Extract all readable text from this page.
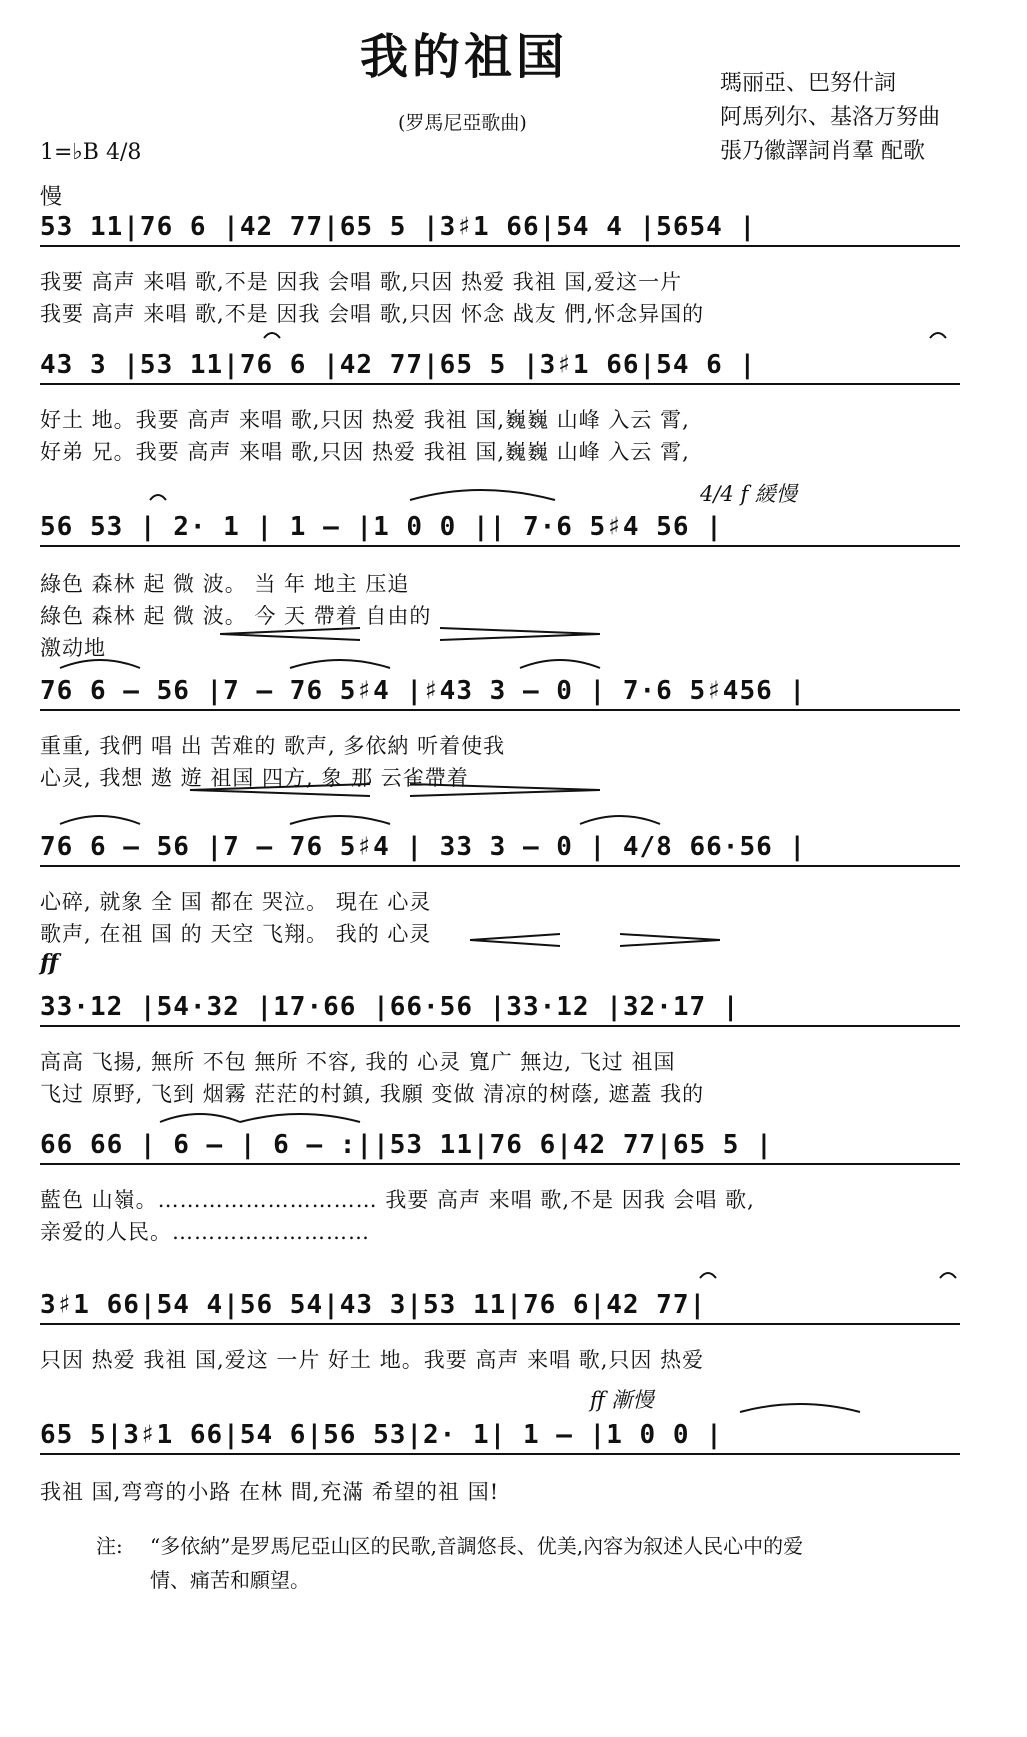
我的祖国
(罗馬尼亞歌曲)
瑪丽亞、巴努什詞
阿馬列尔、基洛万努曲
張乃徽譯詞肖羣 配歌
1=♭B 4/8
慢
53 11|76 6 |42 77|65 5 |3♯1 66|54 4 |5654 |
我要 高声 来唱 歌,不是 因我 会唱 歌,只因 热爱 我祖 国,爱这一片
我要 高声 来唱 歌,不是 因我 会唱 歌,只因 怀念 战友 們,怀念异国的
43 3 |53 11|76 6 |42 77|65 5 |3♯1 66|54 6 |
好土 地。我要 高声 来唱 歌,只因 热爱 我祖 国,巍巍 山峰 入云 霄,
好弟 兄。我要 高声 来唱 歌,只因 热爱 我祖 国,巍巍 山峰 入云 霄,
4/4 f 緩慢
56 53 | 2· 1 | 1 — |1 0 0 || 7·6 5♯4 56 |
綠色 森林 起 微 波。 当 年 地主 压追
綠色 森林 起 微 波。 今 天 帶着 自由的
激动地
76 6 — 56 |7 — 76 5♯4 |♯43 3 — 0 | 7·6 5♯456 |
重重, 我們 唱 出 苦难的 歌声, 多依納 听着使我
心灵, 我想 遨 遊 祖国 四方, 象 那 云雀帶着
76 6 — 56 |7 — 76 5♯4 | 33 3 — 0 | 4/8 66·56 |
心碎, 就象 全 国 都在 哭泣。 現在 心灵
歌声, 在祖 国 的 天空 飞翔。 我的 心灵
ff
33·12 |54·32 |17·66 |66·56 |33·12 |32·17 |
高高 飞揚, 無所 不包 無所 不容, 我的 心灵 寬广 無边, 飞过 祖国
飞过 原野, 飞到 烟霧 茫茫的村鎮, 我願 变做 清凉的树蔭, 遮蓋 我的
66 66 | 6 — | 6 — :||53 11|76 6|42 77|65 5 |
藍色 山嶺。………………………… 我要 高声 来唱 歌,不是 因我 会唱 歌,
亲爱的人民。………………………
3♯1 66|54 4|56 54|43 3|53 11|76 6|42 77|
只因 热爱 我祖 国,爱这 一片 好土 地。我要 高声 来唱 歌,只因 热爱
ff 漸慢
65 5|3♯1 66|54 6|56 53|2· 1| 1 — |1 0 0 |
我祖 国,弯弯的小路 在林 間,充滿 希望的祖 国!
注: “多依納”是罗馬尼亞山区的民歌,音調悠長、优美,內容为叙述人民心中的爱
情、痛苦和願望。
